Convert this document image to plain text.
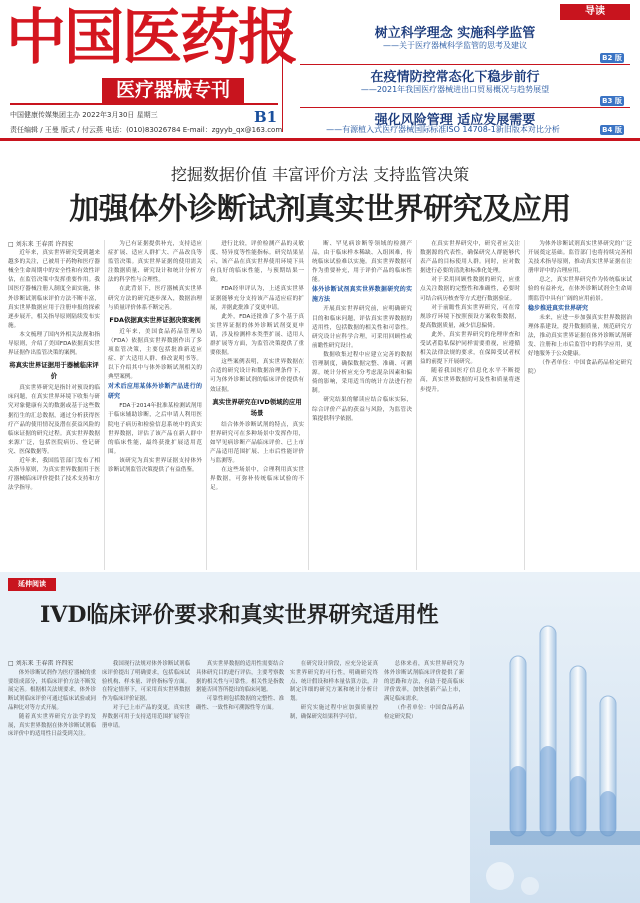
中国医药报
医疗器械专刊
中国健康传媒集团主办 2022年3月30日 星期三
责任编辑 / 王曼 版式 / 付云燕 电话：(010)83026784 E-mail：zgyyb_qx@163.com
B1
导读
树立科学理念 实施科学监管
——关于医疗器械科学监管的思考及建议
B2 版
在疫情防控常态化下稳步前行
——2021年我国医疗器械进出口贸易概况与趋势展望
B3 版
强化风险管理 适应发展需要
——有源植入式医疗器械国际标准ISO 14708-1新旧版本对比分析	B4 版
挖掘数据价值 丰富评价方法 支持监管决策
加强体外诊断试剂真实世界研究及应用
□ 刘东来 王春雷 许四宏

近年来，真实世界研究受到越来越多的关注，已被用于药物和医疗器械全生命周期中的安全性和有效性评估，在监管决策中发挥重要作用。我国医疗器械注册人制度全面实施，体外诊断试剂临床评价方法不断丰富，真实世界数据应用于注册申报的探索逐步展开，相关指导原则陆续发布实施。

本文梳理了国内外相关法规和指导原则，介绍了美国FDA依据真实世界证据作出监管决策的案例。

将真实世界证据用于器械临床评价

真实世界研究是指针对预设的临床问题，在真实世界环境下收集与研究对象健康有关的数据或基于这些数据衍生的汇总数据，通过分析获得医疗产品的使用情况及潜在获益风险的临床证据的研究过程。真实世界数据来源广泛，包括医院病历、登记研究、医保数据等。

近年来，我国监管部门发布了相关指导原则，为真实世界数据用于医疗器械临床评价提供了技术支持和方法学指导。

为已有证据提供补充，支持适应症扩展、适应人群扩大、产品改良等监管决策。真实世界证据的使用需关注数据质量、研究设计和统计分析方法的科学性与合理性。

在此背景下，医疗器械真实世界研究方法的研究逐步深入，数据治理与质量评价体系不断完善。

FDA依据真实世界证据决策案例

近年来，美国食品药品管理局（FDA）依据真实世界数据作出了多项监管决策，主要包括批准新适应症、扩大适用人群、修改说明书等。以下介绍其中与体外诊断试剂相关的典型案例。

对术后应用某体外诊断产品进行的研究

FDA于2014年批准某检测试剂用于临床辅助诊断，之后申请人利用医院电子病历和检验信息系统中的真实世界数据，评估了该产品在新人群中的临床性能，最终获批扩展适用范围。

该研究为真实世界证据支持体外诊断试剂监管决策提供了有益借鉴。

进行比较，评价检测产品的灵敏度、特异度等性能指标。研究结果显示，该产品在真实世界使用环境下具有良好的临床性能，与预期结果一致。

FDA经审评认为，上述真实世界证据能够充分支持该产品适应症的扩展，并据此批准了变更申请。

此外，FDA还批准了多个基于真实世界证据的体外诊断试剂变更申请，涉及检测样本类型扩展、适用人群扩展等方面，为监管决策提供了重要依据。

这些案例表明，真实世界数据在合适的研究设计和数据治理条件下，可为体外诊断试剂的临床评价提供有效证据。

真实世界研究在IVD领域的应用场景

结合体外诊断试剂的特点，真实世界研究可在多种场景中发挥作用，如罕见病诊断产品临床评价、已上市产品适用范围扩展、上市后性能评价与监测等。

在这些场景中，合理利用真实世界数据，可弥补传统临床试验的不足。

断、罕见病诊断等领域的检测产品，由于临床样本稀缺、入组困难，传统临床试验难以实施。真实世界数据可作为重要补充，用于评价产品的临床性能。

体外诊断试剂真实世界数据研究的实施方法

开展真实世界研究前，应明确研究目的和临床问题，评估真实世界数据的适用性，包括数据的相关性和可靠性。研究设计应科学合理，可采用回顾性或前瞻性研究设计。

数据收集过程中应建立完善的数据管理制度，确保数据完整、准确、可溯源。统计分析应充分考虑混杂因素和偏倚的影响，采用适当的统计方法进行控制。

研究结果的解读应结合临床实际，综合评价产品的获益与风险，为监管决策提供科学依据。

在真实世界研究中，研究者应关注数据源的代表性，确保研究人群能够代表产品的目标使用人群。同时，应对数据进行必要的清洗和标准化处理。

对于采用回顾性数据的研究，应重点关注数据的完整性和准确性，必要时可结合病历核查等方式进行数据验证。

对于前瞻性真实世界研究，可在常规诊疗环境下按照预设方案收集数据，提高数据质量，减少信息偏倚。

此外，真实世界研究的伦理审查和受试者隐私保护同样需要重视，应遵循相关法律法规的要求，在保障受试者权益的前提下开展研究。

随着我国医疗信息化水平不断提高，真实世界数据的可及性和质量将逐步提升。

为体外诊断试剂真实世界研究的广泛开展奠定基础。监管部门也将持续完善相关技术指导原则，推动真实世界证据在注册审评中的合理应用。

总之，真实世界研究作为传统临床试验的有益补充，在体外诊断试剂全生命周期监管中具有广阔的应用前景。

稳步推进真实世界研究

未来，应进一步加强真实世界数据治理体系建设，提升数据质量，规范研究方法，推动真实世界证据在体外诊断试剂研发、注册和上市后监管中的科学应用，更好地服务于公众健康。

（作者单位：中国食品药品检定研究院）

延伸阅读
IVD临床评价要求和真实世界研究适用性
□ 刘东来 王春雷 许四宏

体外诊断试剂作为医疗器械的重要组成部分，其临床评价方法不断发展完善。根据相关法规要求，体外诊断试剂临床评价可通过临床试验或同品种比对等方式开展。

随着真实世界研究方法学的发展，真实世界数据在体外诊断试剂临床评价中的适用性日益受到关注。

我国现行法规对体外诊断试剂临床评价提出了明确要求，包括临床试验机构、样本量、评价指标等方面。在特定情形下，可采用真实世界数据作为临床评价证据。

对于已上市产品的变更，真实世界数据可用于支持适用范围扩展等注册申请。

真实世界数据的适用性需要结合具体研究目的进行评估，主要考察数据的相关性与可靠性。相关性是指数据能否回答所提出的临床问题。

可靠性则包括数据的完整性、准确性、一致性和可溯源性等方面。

在研究设计阶段，应充分论证真实世界研究的可行性，明确研究终点、统计假设和样本量估算方法，并制定详细的研究方案和统计分析计划。

研究实施过程中应加强质量控制，确保研究结果科学可信。

总体来看，真实世界研究为体外诊断试剂临床评价提供了新的思路和方法，有助于提高临床评价效率，加快创新产品上市，满足临床需求。

（作者单位：中国食品药品检定研究院）
